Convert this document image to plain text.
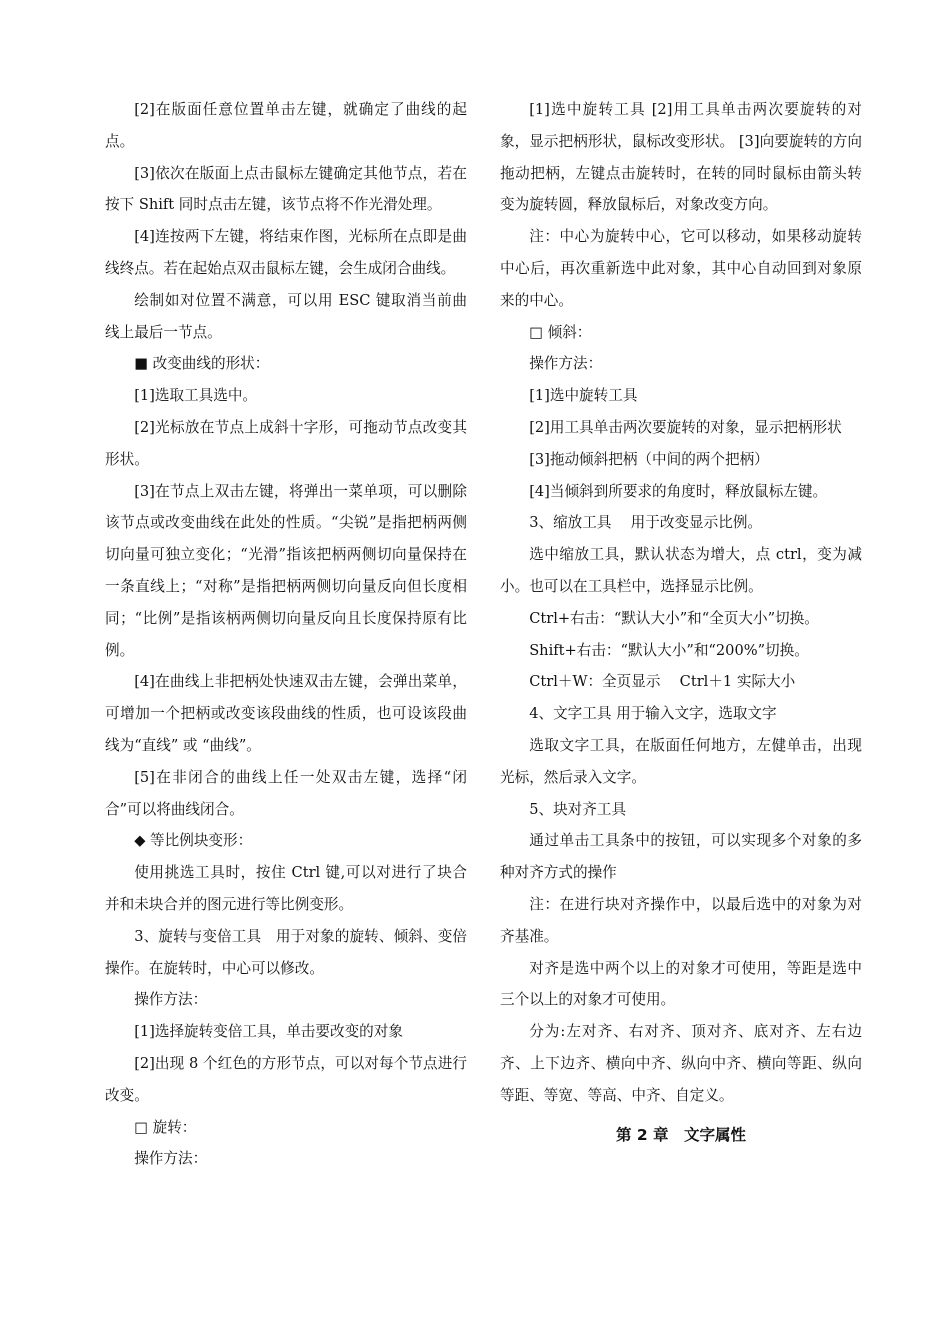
[2]在版面任意位置单击左键，就确定了曲线的起点。

[3]依次在版面上点击鼠标左键确定其他节点，若在按下 Shift 同时点击左键，该节点将不作光滑处理。

[4]连按两下左键，将结束作图，光标所在点即是曲线终点。若在起始点双击鼠标左键，会生成闭合曲线。

绘制如对位置不满意，可以用 ESC 键取消当前曲线上最后一节点。

■ 改变曲线的形状：

[1]选取工具选中。

[2]光标放在节点上成斜十字形，可拖动节点改变其形状。

[3]在节点上双击左键，将弹出一菜单项，可以删除该节点或改变曲线在此处的性质。“尖锐”是指把柄两侧切向量可独立变化；“光滑”指该把柄两侧切向量保持在一条直线上；“对称”是指把柄两侧切向量反向但长度相同；“比例”是指该柄两侧切向量反向且长度保持原有比例。

[4]在曲线上非把柄处快速双击左键，会弹出菜单，可增加一个把柄或改变该段曲线的性质，也可设该段曲线为“直线” 或 “曲线”。

[5]在非闭合的曲线上任一处双击左键，选择“闭合”可以将曲线闭合。

◆ 等比例块变形：

使用挑选工具时，按住 Ctrl 键,可以对进行了块合并和未块合并的图元进行等比例变形。

3、旋转与变倍工具　用于对象的旋转、倾斜、变倍操作。在旋转时，中心可以修改。

操作方法：

[1]选择旋转变倍工具，单击要改变的对象

[2]出现 8 个红色的方形节点，可以对每个节点进行改变。

□ 旋转：

操作方法：

[1]选中旋转工具 [2]用工具单击两次要旋转的对象，显示把柄形状，鼠标改变形状。 [3]向要旋转的方向拖动把柄，左键点击旋转时，在转的同时鼠标由箭头转变为旋转圆，释放鼠标后，对象改变方向。

注：中心为旋转中心，它可以移动，如果移动旋转中心后，再次重新选中此对象，其中心自动回到对象原来的中心。

□ 倾斜：

操作方法：

[1]选中旋转工具

[2]用工具单击两次要旋转的对象，显示把柄形状

[3]拖动倾斜把柄（中间的两个把柄）

[4]当倾斜到所要求的角度时，释放鼠标左键。

3、缩放工具　 用于改变显示比例。

选中缩放工具，默认状态为增大，点 ctrl，变为减小。也可以在工具栏中，选择显示比例。

Ctrl+右击：“默认大小”和“全页大小”切换。

Shift+右击：“默认大小”和“200%”切换。

Ctrl＋W：全页显示　 Ctrl＋1 实际大小

4、文字工具 用于输入文字，选取文字

选取文字工具，在版面任何地方，左健单击，出现光标，然后录入文字。

5、块对齐工具

通过单击工具条中的按钮，可以实现多个对象的多种对齐方式的操作

注：在进行块对齐操作中，以最后选中的对象为对齐基准。

对齐是选中两个以上的对象才可使用，等距是选中三个以上的对象才可使用。

分为:左对齐、右对齐、顶对齐、底对齐、左右边齐、上下边齐、横向中齐、纵向中齐、横向等距、纵向等距、等宽、等高、中齐、自定义。

第 2 章　文字属性
